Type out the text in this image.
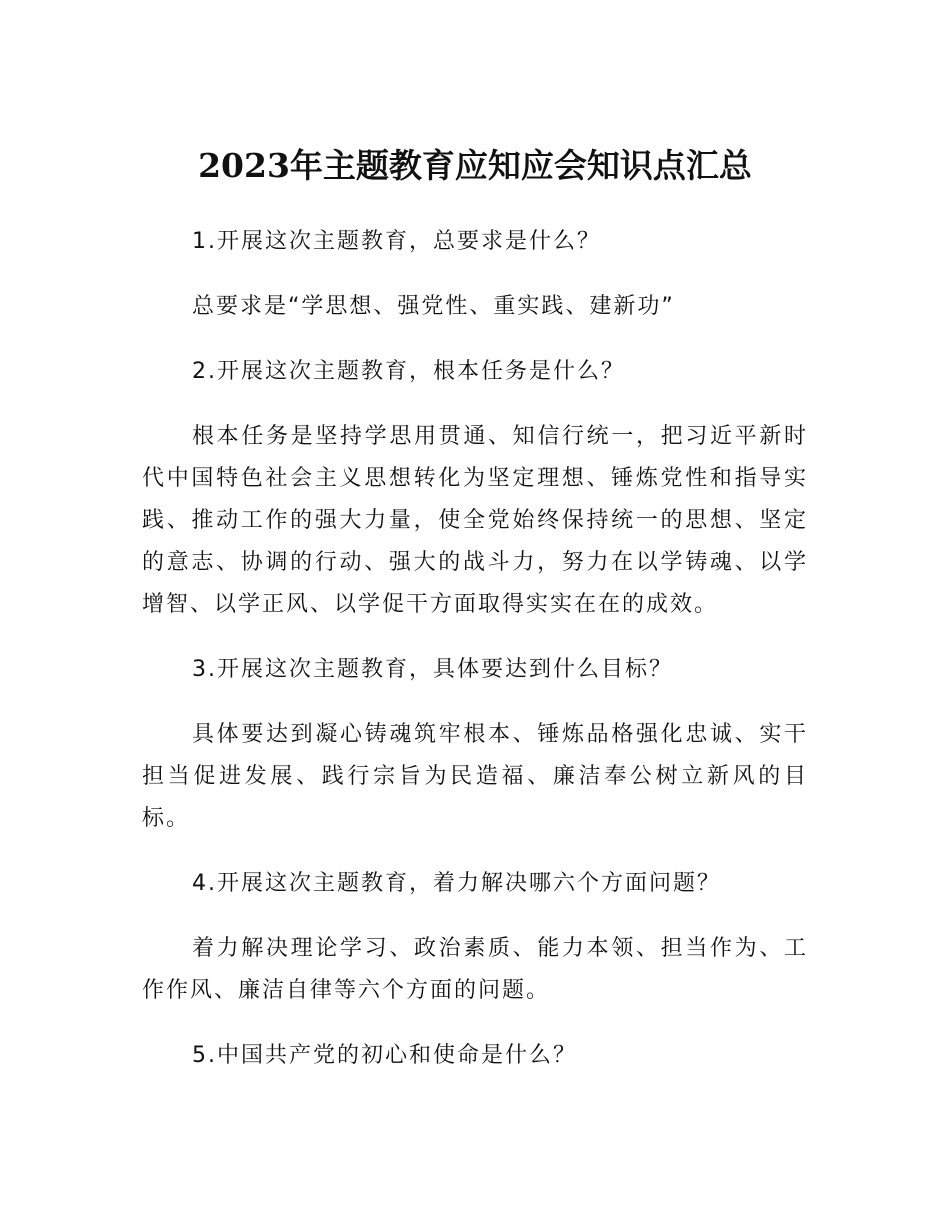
2023年主题教育应知应会知识点汇总

1.开展这次主题教育，总要求是什么？

总要求是“学思想、强党性、重实践、建新功”

2.开展这次主题教育，根本任务是什么？

根本任务是坚持学思用贯通、知信行统一，把习近平新时代中国特色社会主义思想转化为坚定理想、锤炼党性和指导实践、推动工作的强大力量，使全党始终保持统一的思想、坚定的意志、协调的行动、强大的战斗力，努力在以学铸魂、以学增智、以学正风、以学促干方面取得实实在在的成效。

3.开展这次主题教育，具体要达到什么目标？

具体要达到凝心铸魂筑牢根本、锤炼品格强化忠诚、实干担当促进发展、践行宗旨为民造福、廉洁奉公树立新风的目标。

4.开展这次主题教育，着力解决哪六个方面问题？

着力解决理论学习、政治素质、能力本领、担当作为、工作作风、廉洁自律等六个方面的问题。

5.中国共产党的初心和使命是什么？
